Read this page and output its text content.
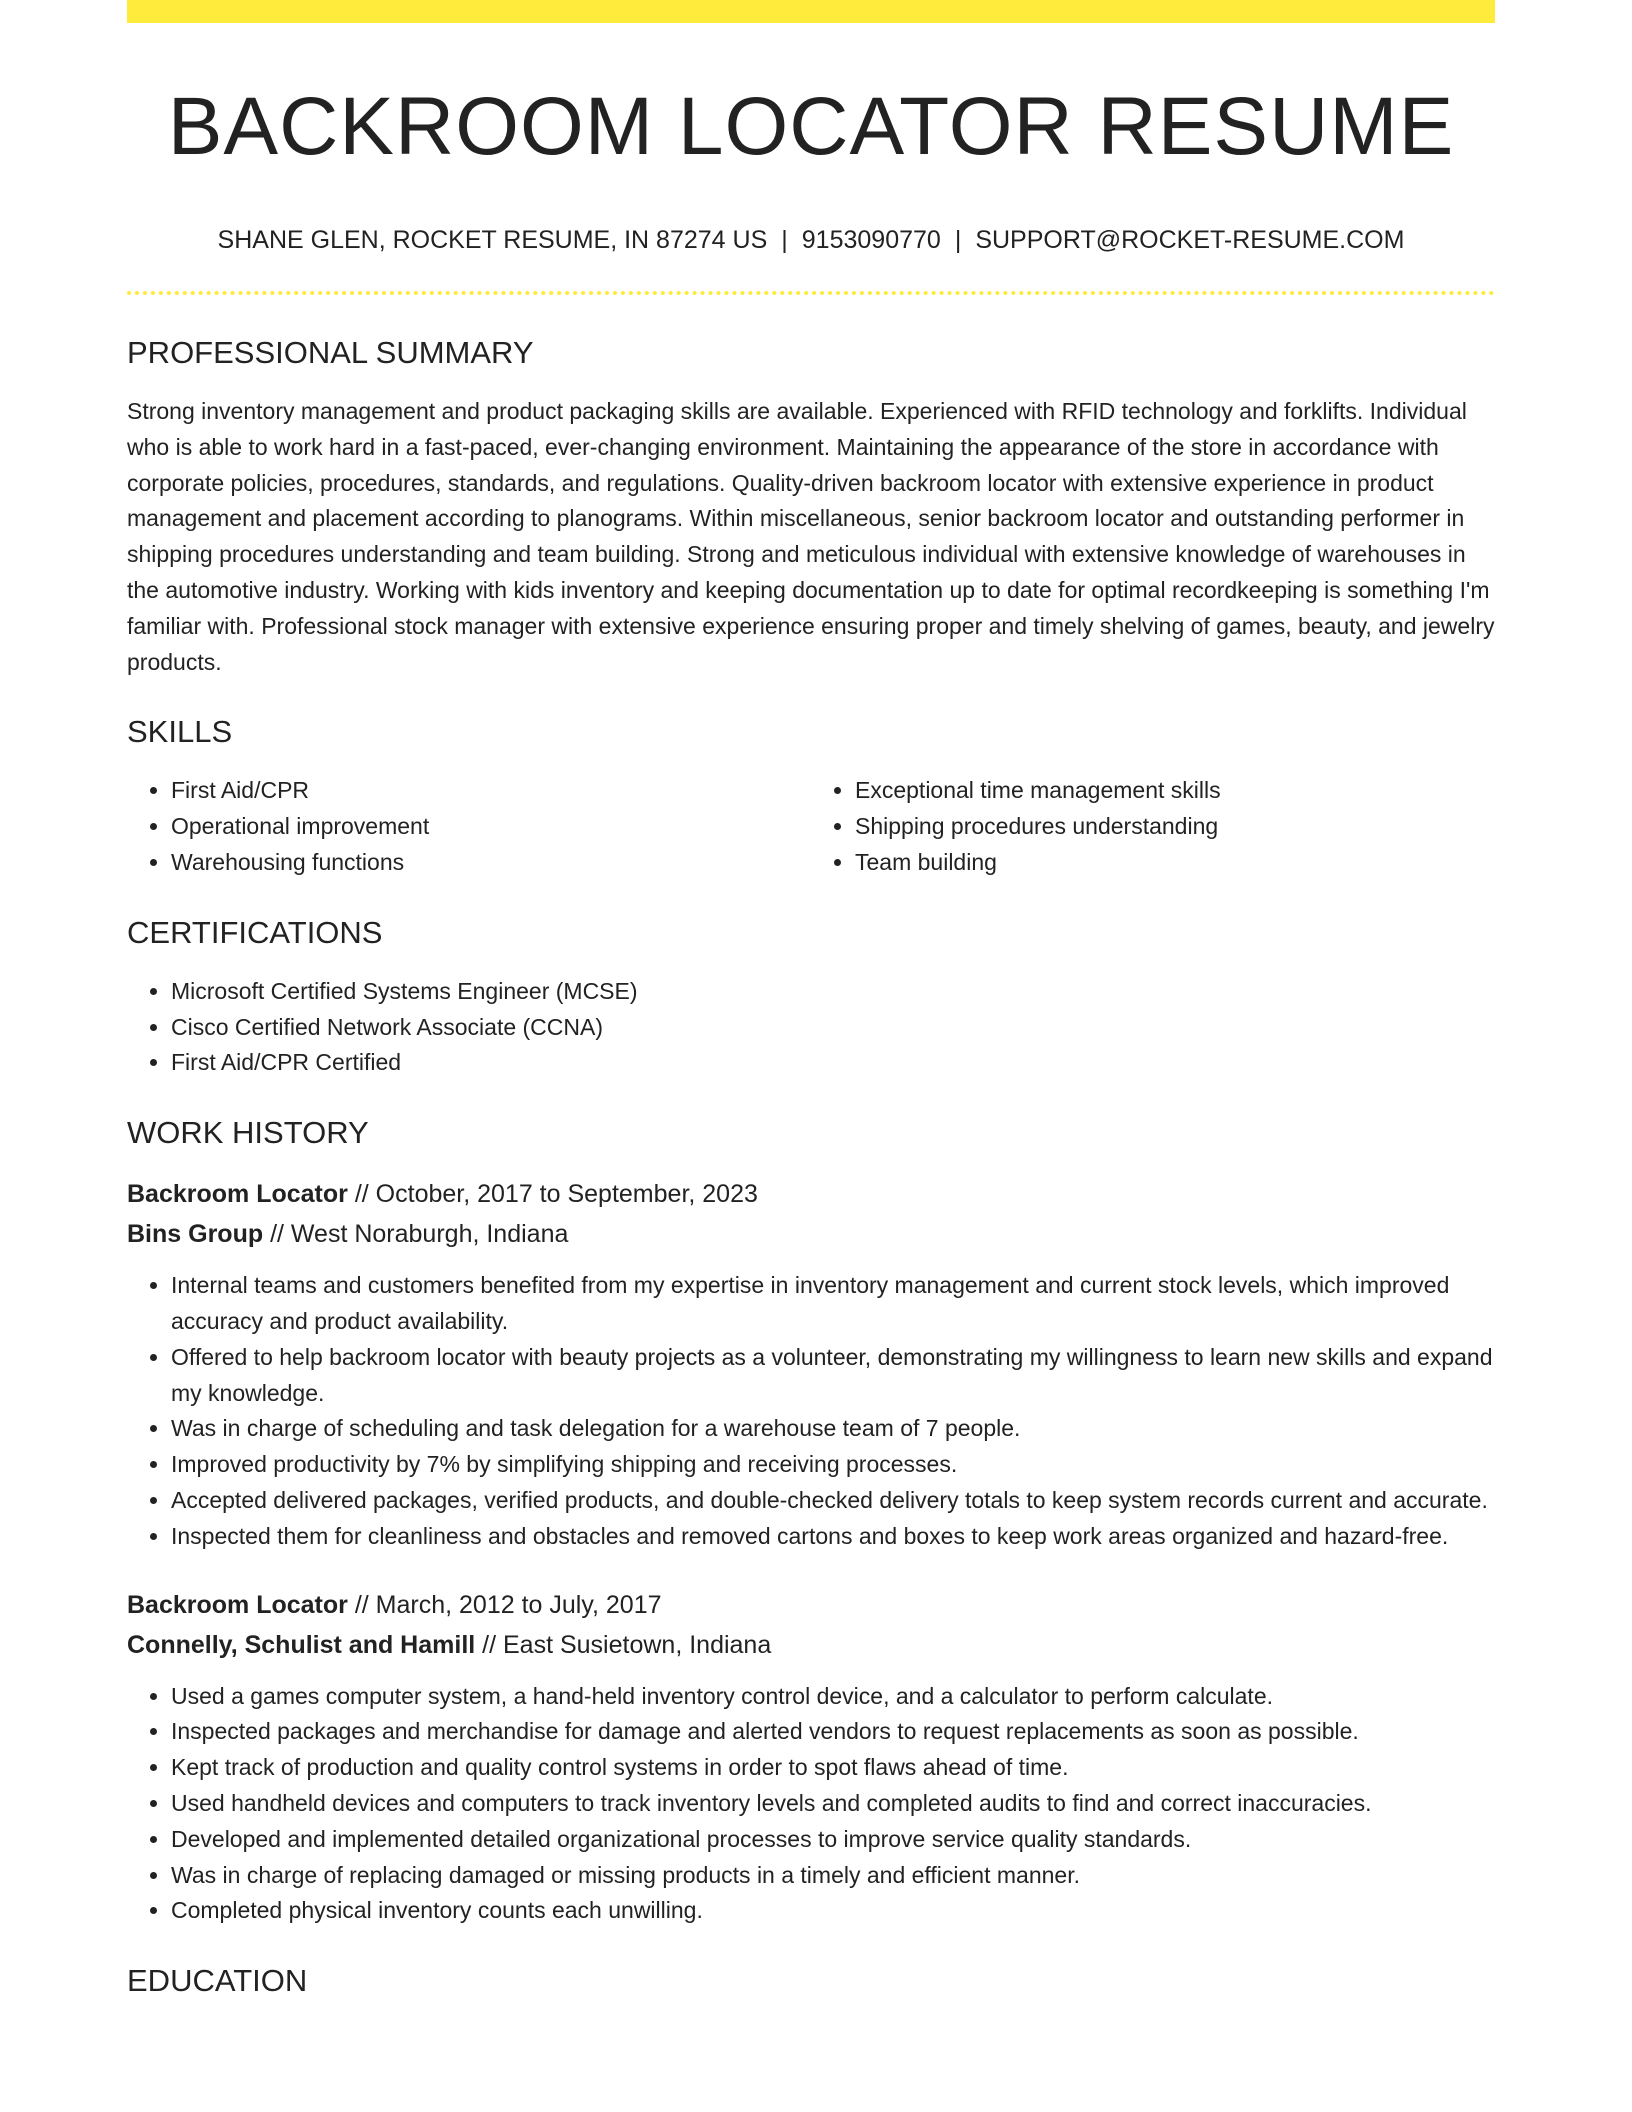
BACKROOM LOCATOR RESUME
SHANE GLEN, ROCKET RESUME, IN 87274 US | 9153090770 | SUPPORT@ROCKET-RESUME.COM
PROFESSIONAL SUMMARY

Strong inventory management and product packaging skills are available. Experienced with RFID technology and forklifts. Individual who is able to work hard in a fast-paced, ever-changing environment. Maintaining the appearance of the store in accordance with corporate policies, procedures, standards, and regulations. Quality-driven backroom locator with extensive experience in product management and placement according to planograms. Within miscellaneous, senior backroom locator and outstanding performer in shipping procedures understanding and team building. Strong and meticulous individual with extensive knowledge of warehouses in the automotive industry. Working with kids inventory and keeping documentation up to date for optimal recordkeeping is something I'm familiar with. Professional stock manager with extensive experience ensuring proper and timely shelving of games, beauty, and jewelry products.

SKILLS
• First Aid/CPR
• Operational improvement
• Warehousing functions
• Exceptional time management skills
• Shipping procedures understanding
• Team building
CERTIFICATIONS
• Microsoft Certified Systems Engineer (MCSE)
• Cisco Certified Network Associate (CCNA)
• First Aid/CPR Certified
WORK HISTORY
Backroom Locator // October, 2017 to September, 2023
Bins Group // West Noraburgh, Indiana
• Internal teams and customers benefited from my expertise in inventory management and current stock levels, which improved accuracy and product availability.
• Offered to help backroom locator with beauty projects as a volunteer, demonstrating my willingness to learn new skills and expand my knowledge.
• Was in charge of scheduling and task delegation for a warehouse team of 7 people.
• Improved productivity by 7% by simplifying shipping and receiving processes.
• Accepted delivered packages, verified products, and double-checked delivery totals to keep system records current and accurate.
• Inspected them for cleanliness and obstacles and removed cartons and boxes to keep work areas organized and hazard-free.
Backroom Locator // March, 2012 to July, 2017
Connelly, Schulist and Hamill // East Susietown, Indiana
• Used a games computer system, a hand-held inventory control device, and a calculator to perform calculate.
• Inspected packages and merchandise for damage and alerted vendors to request replacements as soon as possible.
• Kept track of production and quality control systems in order to spot flaws ahead of time.
• Used handheld devices and computers to track inventory levels and completed audits to find and correct inaccuracies.
• Developed and implemented detailed organizational processes to improve service quality standards.
• Was in charge of replacing damaged or missing products in a timely and efficient manner.
• Completed physical inventory counts each unwilling.
EDUCATION
